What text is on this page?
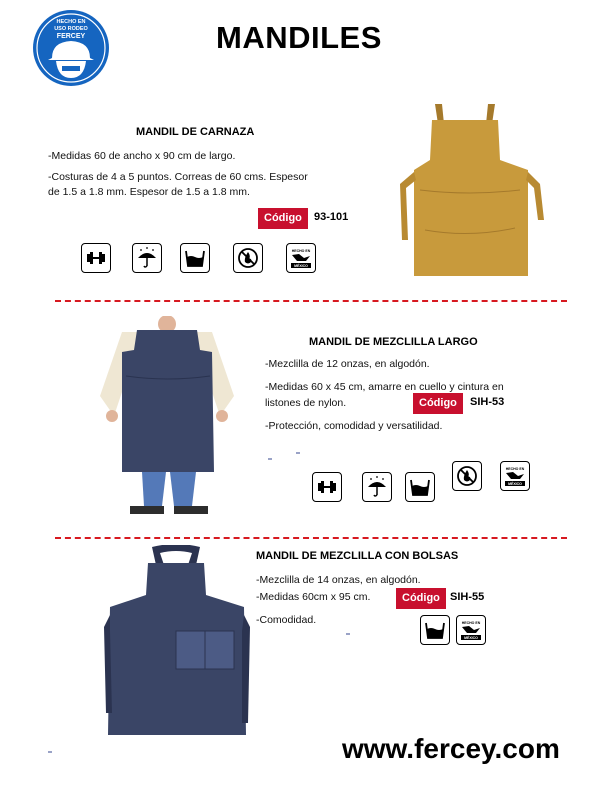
HECHO EN
USO RODEO
FERCEY	MANDILES
MANDIL DE CARNAZA
-Medidas 60 de ancho x 90 cm de largo.
-Costuras de 4 a 5 puntos. Correas de 60 cms. Espesor
de 1.5 a 1.8 mm. Espesor de 1.5 a 1.8 mm.
Código	93-101
HECHO EN
MÉXICO
MANDIL DE MEZCLILLA LARGO
-Mezclilla de 12 onzas, en algodón.
-Medidas 60 x 45 cm, amarre en cuello y cintura en
listones de nylon.	Código	SIH-53
-Protección, comodidad y versatilidad.
HECHO EN
MÉXICO
MANDIL DE MEZCLILLA CON BOLSAS
-Mezclilla de 14 onzas, en algodón.
-Medidas 60cm x 95 cm.	Código SIH-55
-Comodidad.	HECHO EN
MÉXICO
www.fercey.com
